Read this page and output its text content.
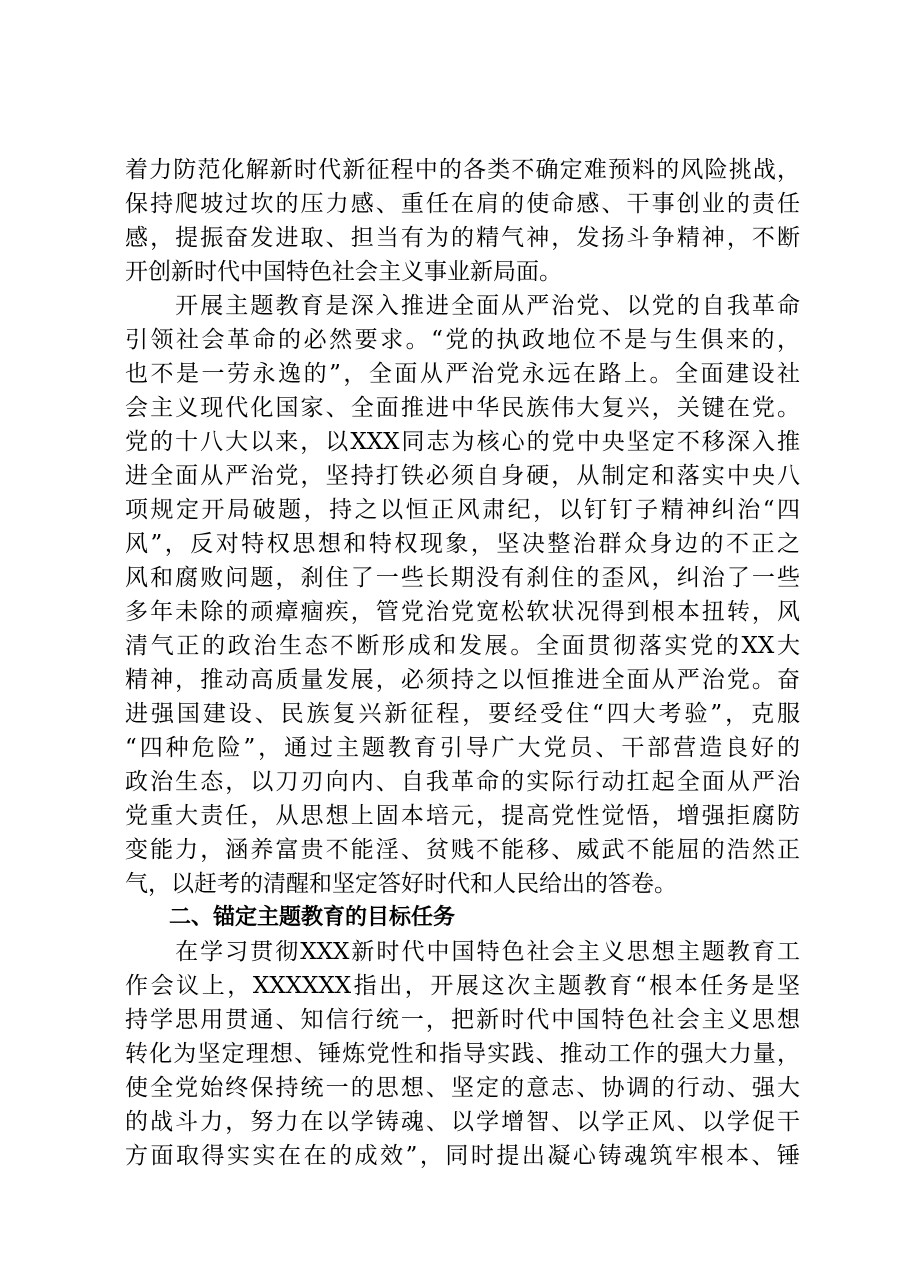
着力防范化解新时代新征程中的各类不确定难预料的风险挑战，
保持爬坡过坎的压力感、重任在肩的使命感、干事创业的责任
感，提振奋发进取、担当有为的精气神，发扬斗争精神，不断
开创新时代中国特色社会主义事业新局面。
　　开展主题教育是深入推进全面从严治党、以党的自我革命
引领社会革命的必然要求。“党的执政地位不是与生俱来的，
也不是一劳永逸的”，全面从严治党永远在路上。全面建设社
会主义现代化国家、全面推进中华民族伟大复兴，关键在党。
党的十八大以来，以XXX同志为核心的党中央坚定不移深入推
进全面从严治党，坚持打铁必须自身硬，从制定和落实中央八
项规定开局破题，持之以恒正风肃纪，以钉钉子精神纠治“四
风”，反对特权思想和特权现象，坚决整治群众身边的不正之
风和腐败问题，刹住了一些长期没有刹住的歪风，纠治了一些
多年未除的顽瘴痼疾，管党治党宽松软状况得到根本扭转，风
清气正的政治生态不断形成和发展。全面贯彻落实党的XX大
精神，推动高质量发展，必须持之以恒推进全面从严治党。奋
进强国建设、民族复兴新征程，要经受住“四大考验”，克服
“四种危险”，通过主题教育引导广大党员、干部营造良好的
政治生态，以刀刃向内、自我革命的实际行动扛起全面从严治
党重大责任，从思想上固本培元，提高党性觉悟，增强拒腐防
变能力，涵养富贵不能淫、贫贱不能移、威武不能屈的浩然正
气，以赶考的清醒和坚定答好时代和人民给出的答卷。
　　二、锚定主题教育的目标任务
　　在学习贯彻XXX新时代中国特色社会主义思想主题教育工
作会议上，XXXXXX指出，开展这次主题教育“根本任务是坚
持学思用贯通、知信行统一，把新时代中国特色社会主义思想
转化为坚定理想、锤炼党性和指导实践、推动工作的强大力量，
使全党始终保持统一的思想、坚定的意志、协调的行动、强大
的战斗力，努力在以学铸魂、以学增智、以学正风、以学促干
方面取得实实在在的成效”，同时提出凝心铸魂筑牢根本、锤
